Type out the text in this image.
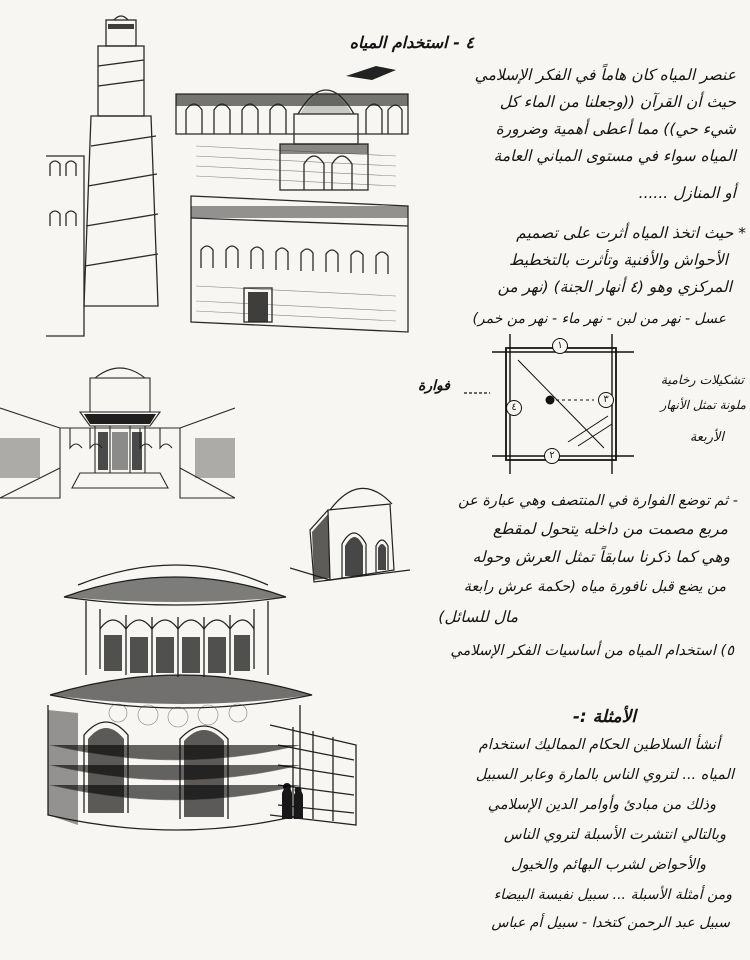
٤ - استخدام المياه
عنصر المياه كان هاماً في الفكر الإسلامي
حيث أن القرآن ((وجعلنا من الماء كل
شيء حي)) مما أعطى أهمية وضرورة
المياه سواء في مستوى المباني العامة
أو المنازل ......
* حيث اتخذ المياه أثرت على تصميم
الأحواش والأفنية وتأثرت بالتخطيط
المركزي وهو (٤ أنهار الجنة) (نهر من
عسل - نهر من لبن - نهر ماء - نهر من خمر)
١
٢
٣
٤
تشكيلات رخامية
ملونة تمثل الأنهار
الأربعة
فوارة
- ثم توضع الفوارة في المنتصف وهي عبارة عن
مربع مصمت من داخله يتحول لمقطع
وهي كما ذكرنا سابقاً تمثل العرش وحوله
من يضع قبل نافورة مياه (حكمة عرش رابعة
مال للسائل)
٥) استخدام المياه من أساسيات الفكر الإسلامي
الأمثلة :-
أنشأ السلاطين الحكام المماليك استخدام
المياه ... لتروي الناس بالمارة وعابر السبيل
وذلك من مبادئ وأوامر الدين الإسلامي
وبالتالي انتشرت الأسبلة لتروي الناس
والأحواض لشرب البهائم والخيول
ومن أمثلة الأسبلة ... سبيل نفيسة البيضاء
سبيل عبد الرحمن كتخدا - سبيل أم عباس
